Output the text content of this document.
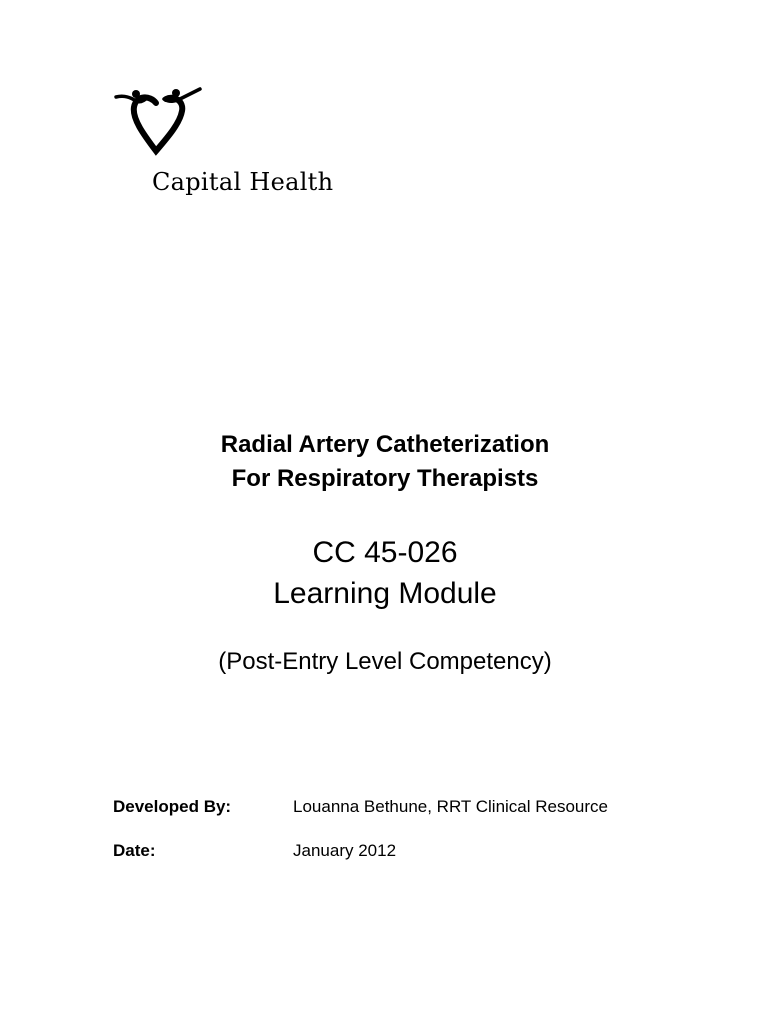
Capital Health
Radial Artery Catheterization
For Respiratory Therapists
CC 45-026
Learning Module
(Post-Entry Level Competency)
Developed By:	Louanna Bethune, RRT Clinical Resource
Date:	January 2012
